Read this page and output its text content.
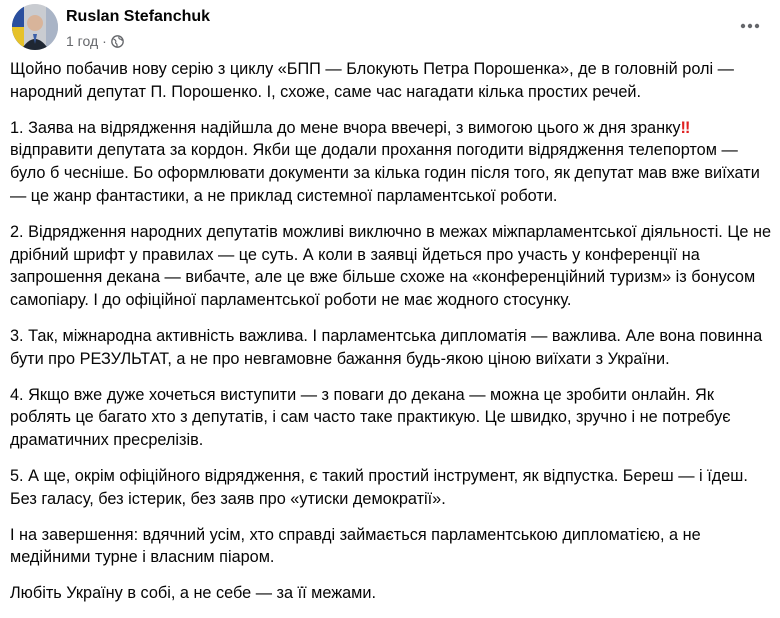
Ruslan Stefanchuk
1 год ·

Щойно побачив нову серію з циклу «БПП — Блокують Петра Порошенка», де в головній ролі — народний депутат П. Порошенко. І, схоже, саме час нагадати кілька простих речей.

1. Заява на відрядження надійшла до мене вчора ввечері, з вимогою цього ж дня зранку‼ відправити депутата за кордон. Якби ще додали прохання погодити відрядження телепортом — було б чесніше. Бо оформлювати документи за кілька годин після того, як депутат мав вже виїхати — це жанр фантастики, а не приклад системної парламентської роботи.

2. Відрядження народних депутатів можливі виключно в межах міжпарламентської діяльності. Це не дрібний шрифт у правилах — це суть. А коли в заявці йдеться про участь у конференції на запрошення декана — вибачте, але це вже більше схоже на «конференційний туризм» із бонусом самопіару. І до офіційної парламентської роботи не має жодного стосунку.

3. Так, міжнародна активність важлива. І парламентська дипломатія — важлива. Але вона повинна бути про РЕЗУЛЬТАТ, а не про невгамовне бажання будь-якою ціною виїхати з України.

4. Якщо вже дуже хочеться виступити — з поваги до декана — можна це зробити онлайн. Як роблять це багато хто з депутатів, і сам часто таке практикую. Це швидко, зручно і не потребує драматичних пресрелізів.

5. А ще, окрім офіційного відрядження, є такий простий інструмент, як відпустка. Береш — і їдеш. Без галасу, без істерик, без заяв про «утиски демократії».

І на завершення: вдячний усім, хто справді займається парламентською дипломатією, а не медійними турне і власним піаром.

Любіть Україну в собі, а не себе — за її межами.
